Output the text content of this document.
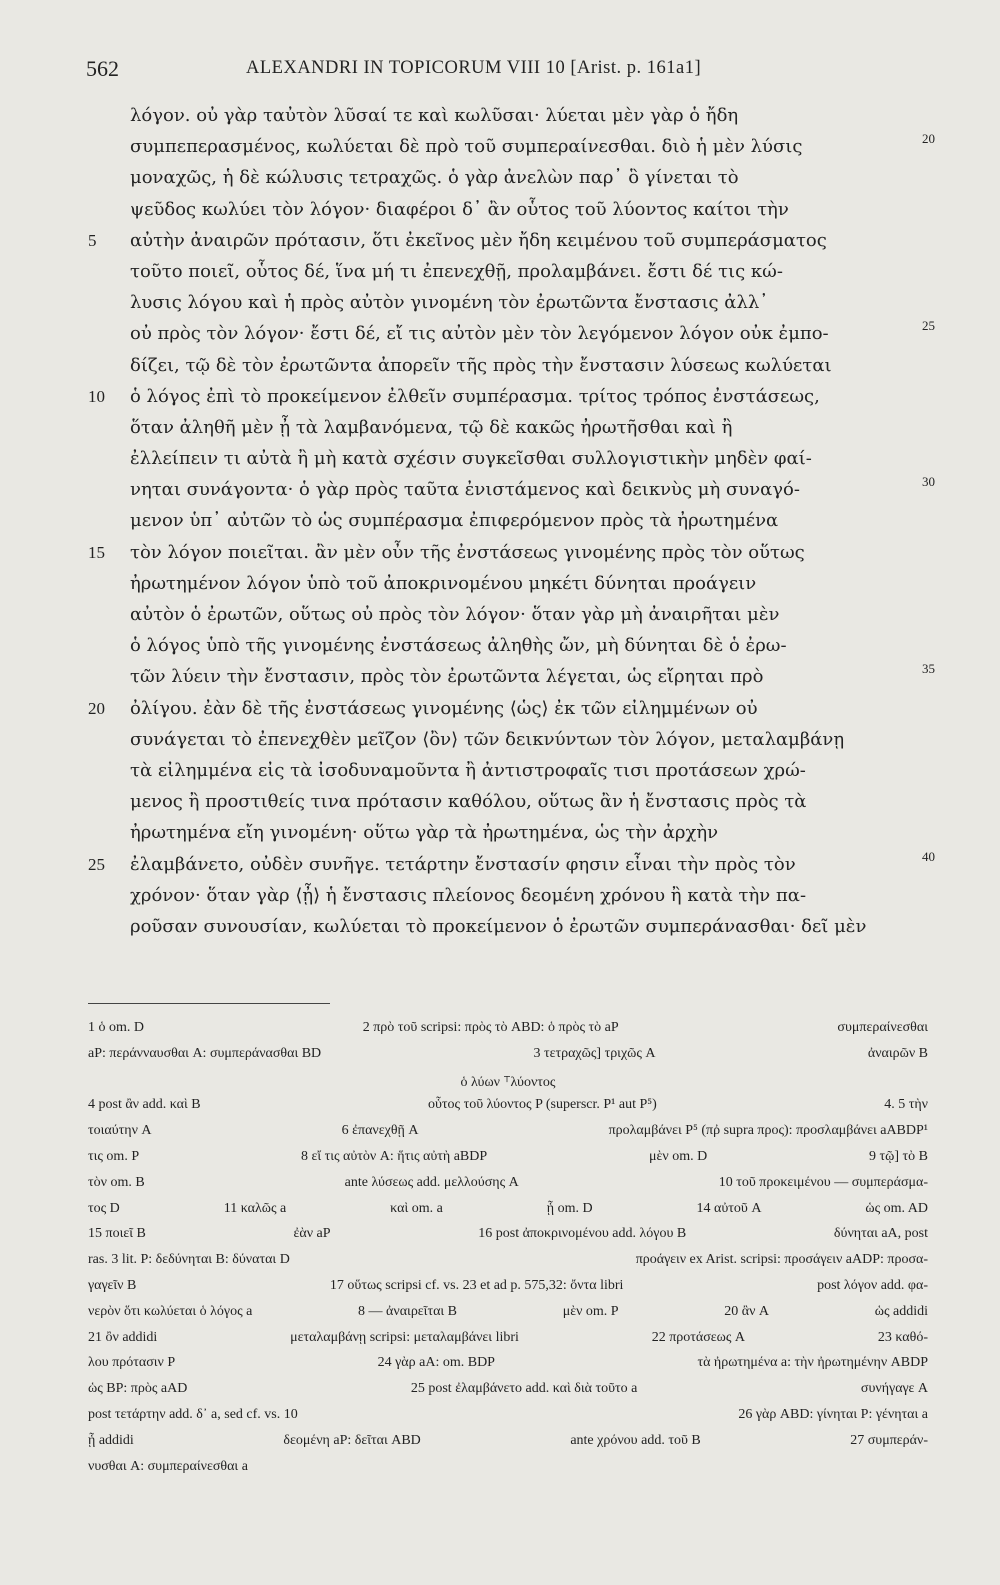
562	ALEXANDRI IN TOPICORUM VIII 10 [Arist. p. 161a1]
λόγον. οὐ γὰρ ταὐτὸν λῦσαί τε καὶ κωλῦσαι· λύεται μὲν γὰρ ὁ ἤδη
συμπεπερασμένος, κωλύεται δὲ πρὸ τοῦ συμπεραίνεσθαι. διὸ ἡ μὲν λύσις	20
μοναχῶς, ἡ δὲ κώλυσις τετραχῶς. ὁ γὰρ ἀνελὼν παρ᾿ ὃ γίνεται τὸ
ψεῦδος κωλύει τὸν λόγον· διαφέροι δ᾿ ἂν οὗτος τοῦ λύοντος καίτοι τὴν
5	αὐτὴν ἀναιρῶν πρότασιν, ὅτι ἐκεῖνος μὲν ἤδη κειμένου τοῦ συμπεράσματος
τοῦτο ποιεῖ, οὗτος δέ, ἵνα μή τι ἐπενεχθῇ, προλαμβάνει. ἔστι δέ τις κώ-
λυσις λόγου καὶ ἡ πρὸς αὐτὸν γινομένη τὸν ἐρωτῶντα ἔνστασις ἀλλ᾿
οὐ πρὸς τὸν λόγον· ἔστι δέ, εἴ τις αὐτὸν μὲν τὸν λεγόμενον λόγον οὐκ ἐμπο-	25
δίζει, τῷ δὲ τὸν ἐρωτῶντα ἀπορεῖν τῆς πρὸς τὴν ἔνστασιν λύσεως κωλύεται
10	ὁ λόγος ἐπὶ τὸ προκείμενον ἐλθεῖν συμπέρασμα. τρίτος τρόπος ἐνστάσεως,
ὅταν ἀληθῆ μὲν ᾖ τὰ λαμβανόμενα, τῷ δὲ κακῶς ἠρωτῆσθαι καὶ ἢ
ἐλλείπειν τι αὐτὰ ἢ μὴ κατὰ σχέσιν συγκεῖσθαι συλλογιστικὴν μηδὲν φαί-
νηται συνάγοντα· ὁ γὰρ πρὸς ταῦτα ἐνιστάμενος καὶ δεικνὺς μὴ συναγό-	30
μενον ὑπ᾿ αὐτῶν τὸ ὡς συμπέρασμα ἐπιφερόμενον πρὸς τὰ ἠρωτημένα
15	τὸν λόγον ποιεῖται. ἂν μὲν οὖν τῆς ἐνστάσεως γινομένης πρὸς τὸν οὕτως
ἠρωτημένον λόγον ὑπὸ τοῦ ἀποκρινομένου μηκέτι δύνηται προάγειν
αὐτὸν ὁ ἐρωτῶν, οὕτως οὐ πρὸς τὸν λόγον· ὅταν γὰρ μὴ ἀναιρῆται μὲν
ὁ λόγος ὑπὸ τῆς γινομένης ἐνστάσεως ἀληθὴς ὤν, μὴ δύνηται δὲ ὁ ἐρω-
τῶν λύειν τὴν ἔνστασιν, πρὸς τὸν ἐρωτῶντα λέγεται, ὡς εἴρηται πρὸ	35
20	ὀλίγου. ἐὰν δὲ τῆς ἐνστάσεως γινομένης ⟨ὡς⟩ ἐκ τῶν εἰλημμένων οὐ
συνάγεται τὸ ἐπενεχθὲν μεῖζον ⟨ὂν⟩ τῶν δεικνύντων τὸν λόγον, μεταλαμβάνῃ
τὰ εἰλημμένα εἰς τὰ ἰσοδυναμοῦντα ἢ ἀντιστροφαῖς τισι προτάσεων χρώ-
μενος ἢ προστιθείς τινα πρότασιν καθόλου, οὕτως ἂν ἡ ἔνστασις πρὸς τὰ
ἠρωτημένα εἴη γινομένη· οὕτω γὰρ τὰ ἠρωτημένα, ὡς τὴν ἀρχὴν
25	ἐλαμβάνετο, οὐδὲν συνῆγε. τετάρτην ἔνστασίν φησιν εἶναι τὴν πρὸς τὸν	40
χρόνον· ὅταν γὰρ ⟨ᾖ⟩ ἡ ἔνστασις πλείονος δεομένη χρόνου ἢ κατὰ τὴν πα-
ροῦσαν συνουσίαν, κωλύεται τὸ προκείμενον ὁ ἐρωτῶν συμπεράνασθαι· δεῖ μὲν
1 ὁ om. D	2 πρὸ τοῦ scripsi: πρὸς τὸ ABD: ὁ πρὸς τὸ aP	συμπεραίνεσθαι
aP: περάνναυσθαι A: συμπεράνασθαι BD	3 τετραχῶς] τριχῶς A	ἀναιρῶν B
ὁ λύων ⸆λύοντος
4 post ἂν add. καὶ B	οὗτος τοῦ λύοντος P (superscr. P¹ aut P⁵)	4. 5 τὴν
τοιαύτην A	6 ἐπανεχθῇ A	προλαμβάνει P⁵ (πῤ supra προς): προσλαμβάνει aABDP¹
τις om. P	8 εἴ τις αὐτὸν A: ἥτις αὐτὴ aBDP	μὲν om. D	9 τῷ] τὸ B
τὸν om. B	ante λύσεως add. μελλούσης A	10 τοῦ προκειμένου — συμπεράσμα-
τος D	11 καλῶς a	καὶ om. a	ᾖ om. D	14 αὐτοῦ A	ὡς om. AD
15 ποιεῖ B	ἐὰν aP	16 post ἀποκρινομένου add. λόγου B	δύνηται aA, post
ras. 3 lit. P: δεδύνηται B: δύναται D	προάγειν ex Arist. scripsi: προσάγειν aADP: προσα-
γαγεῖν B	17 οὕτως scripsi cf. vs. 23 et ad p. 575,32: ὄντα libri	post λόγον add. φα-
νερὸν ὅτι κωλύεται ὁ λόγος a	8 — ἀναιρεῖται B	μὲν om. P	20 ἂν A	ὡς addidi
21 ὂν addidi	μεταλαμβάνῃ scripsi: μεταλαμβάνει libri	22 προτάσεως A	23 καθό-
λου πρότασιν P	24 γὰρ aA: om. BDP	τὰ ἠρωτημένα a: τὴν ἠρωτημένην ABDP
ὡς BP: πρὸς aAD	25 post ἐλαμβάνετο add. καὶ διὰ τοῦτο a	συνήγαγε A
post τετάρτην add. δ᾿ a, sed cf. vs. 10	26 γὰρ ABD: γίνηται P: γένηται a
ᾖ addidi	δεομένη aP: δεῖται ABD	ante χρόνου add. τοῦ B	27 συμπεράν-
νυσθαι A: συμπεραίνεσθαι a
